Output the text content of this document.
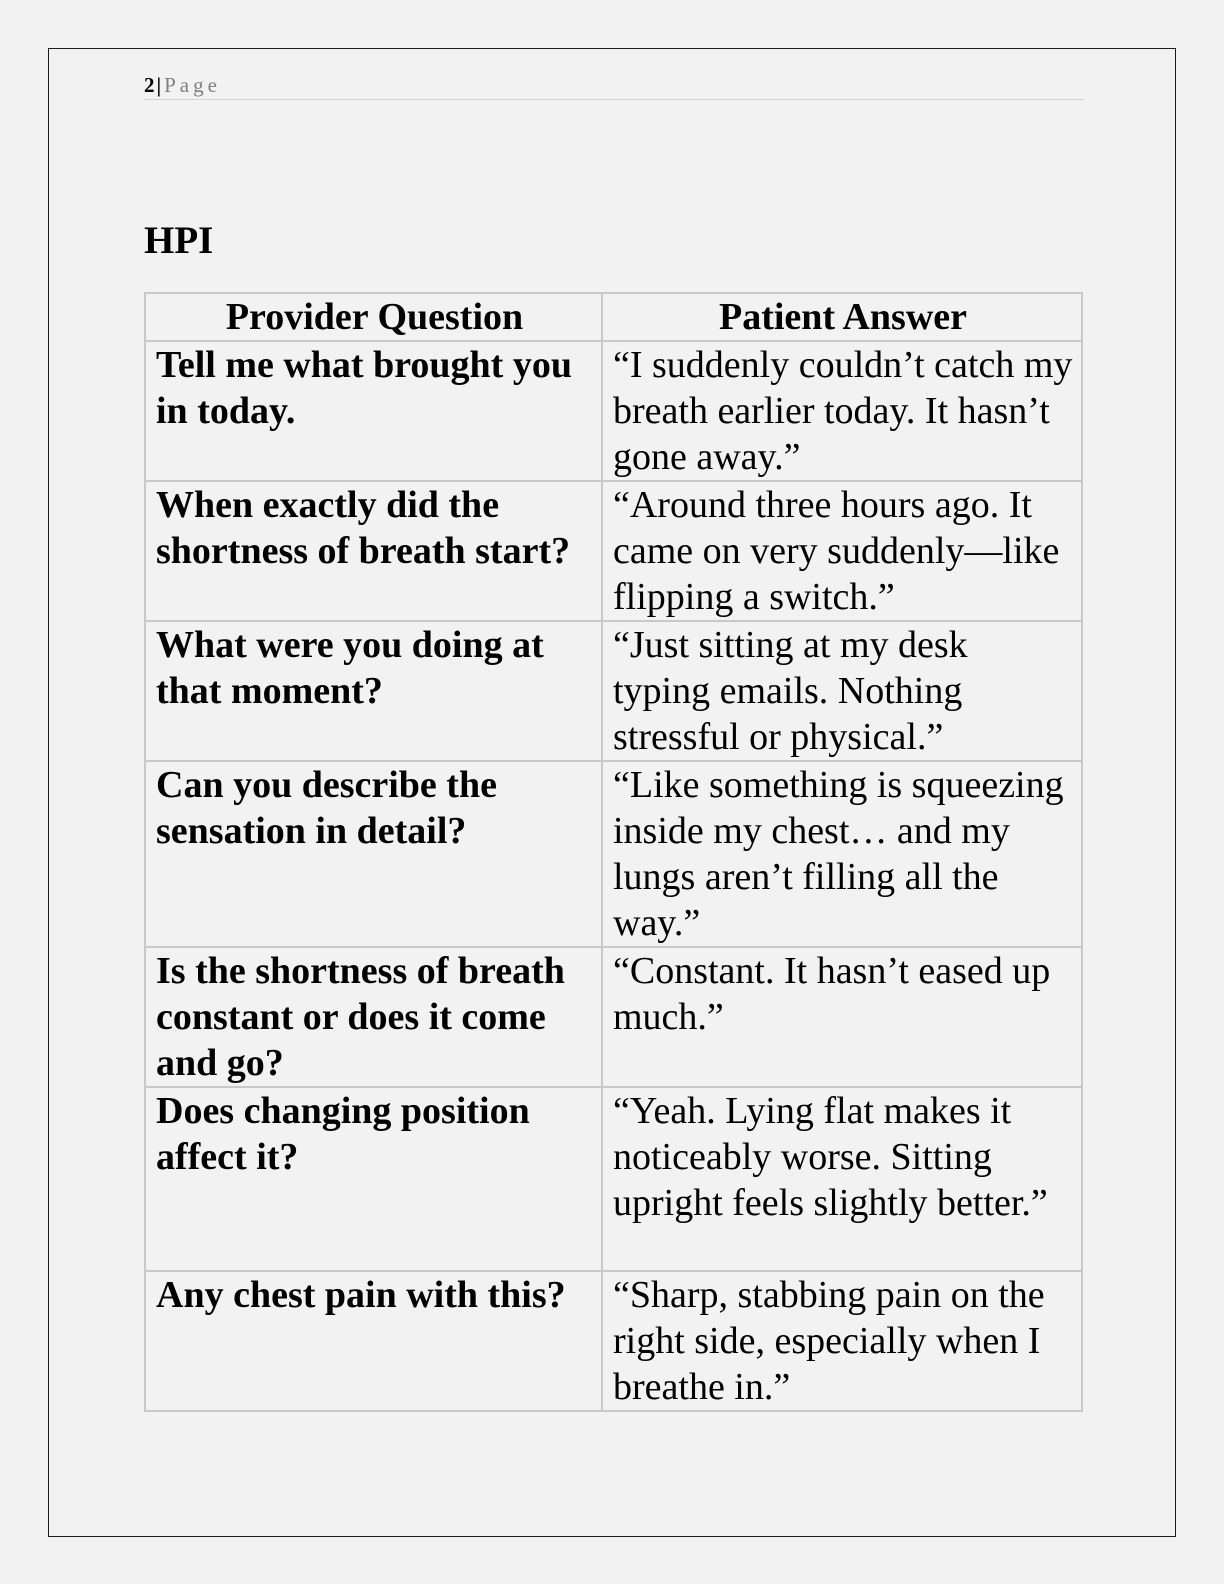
2| Page
HPI
Provider Question	Patient Answer
Tell me what brought you in today.	“I suddenly couldn’t catch my breath earlier today. It hasn’t gone away.”
When exactly did the shortness of breath start?	“Around three hours ago. It came on very suddenly—like flipping a switch.”
What were you doing at that moment?	“Just sitting at my desk typing emails. Nothing stressful or physical.”
Can you describe the sensation in detail?	“Like something is squeezing inside my chest… and my lungs aren’t filling all the way.”
Is the shortness of breath constant or does it come and go?	“Constant. It hasn’t eased up much.”
Does changing position affect it?	“Yeah. Lying flat makes it noticeably worse. Sitting upright feels slightly better.”
Any chest pain with this?	“Sharp, stabbing pain on the right side, especially when I breathe in.”
